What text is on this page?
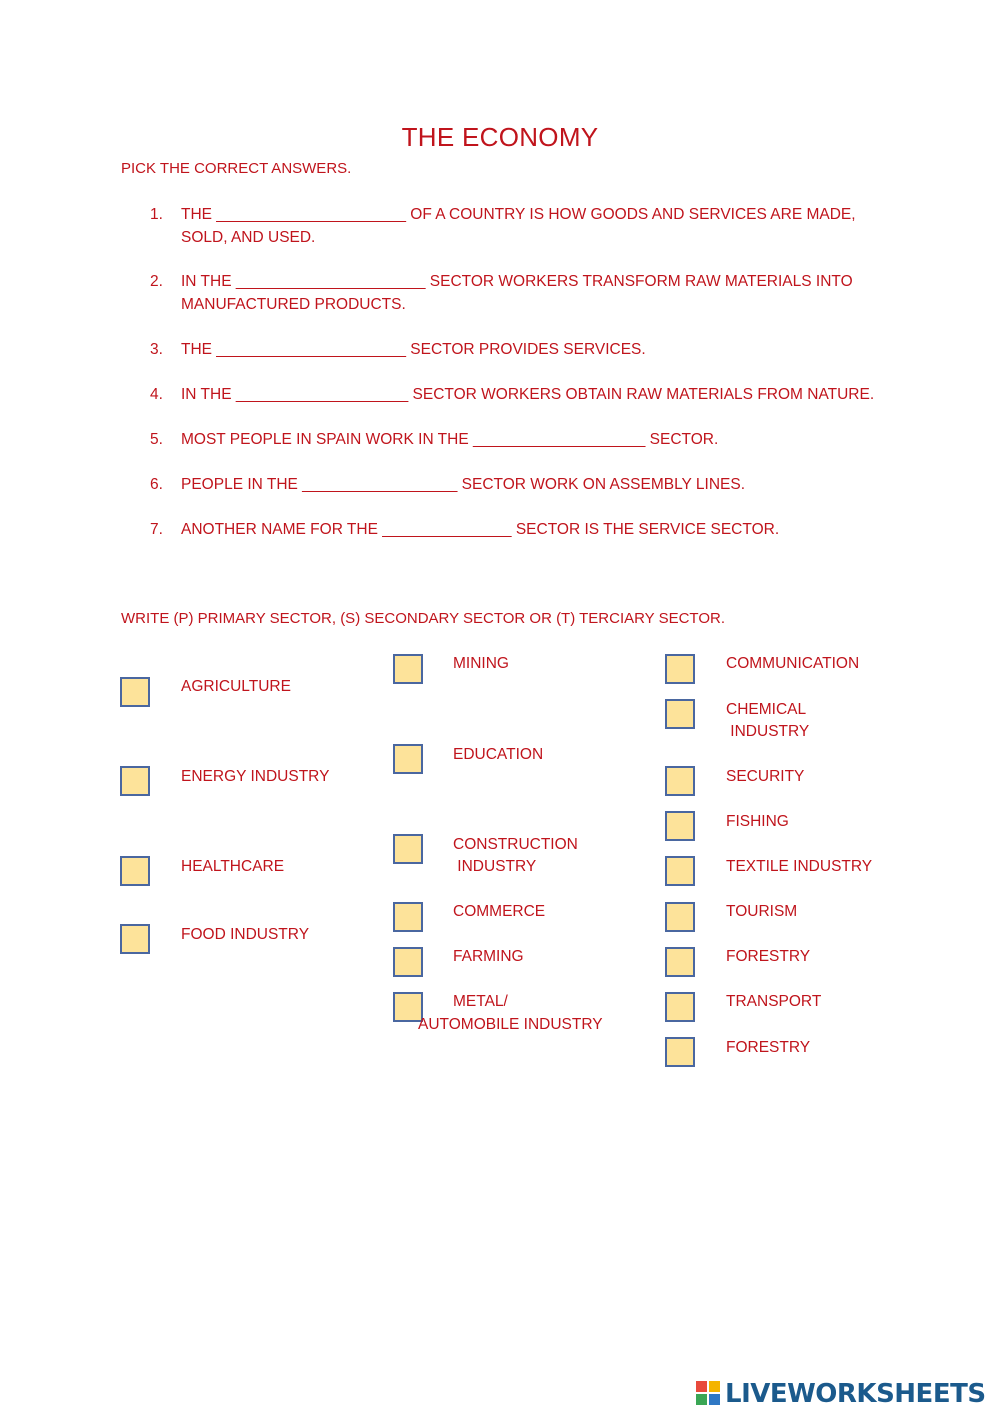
THE ECONOMY
PICK THE CORRECT ANSWERS.
1. THE ______________________ OF A COUNTRY IS HOW GOODS AND SERVICES ARE MADE, SOLD, AND USED.
2. IN THE ______________________ SECTOR WORKERS TRANSFORM RAW MATERIALS INTO MANUFACTURED PRODUCTS.
3. THE ______________________ SECTOR PROVIDES SERVICES.
4. IN THE ____________________ SECTOR WORKERS OBTAIN RAW MATERIALS FROM NATURE.
5. MOST PEOPLE IN SPAIN WORK IN THE ____________________ SECTOR.
6. PEOPLE IN THE __________________ SECTOR WORK ON ASSEMBLY LINES.
7. ANOTHER NAME FOR THE _______________ SECTOR IS THE SERVICE SECTOR.
WRITE (P) PRIMARY SECTOR, (S) SECONDARY SECTOR OR (T) TERCIARY SECTOR.
AGRICULTURE
ENERGY INDUSTRY
HEALTHCARE
FOOD INDUSTRY
MINING
EDUCATION
CONSTRUCTION
INDUSTRY
COMMERCE
FARMING
METAL/
AUTOMOBILE INDUSTRY
COMMUNICATION
CHEMICAL
INDUSTRY
SECURITY
FISHING
TEXTILE INDUSTRY
TOURISM
FORESTRY
TRANSPORT
FORESTRY
LIVEWORKSHEETS
